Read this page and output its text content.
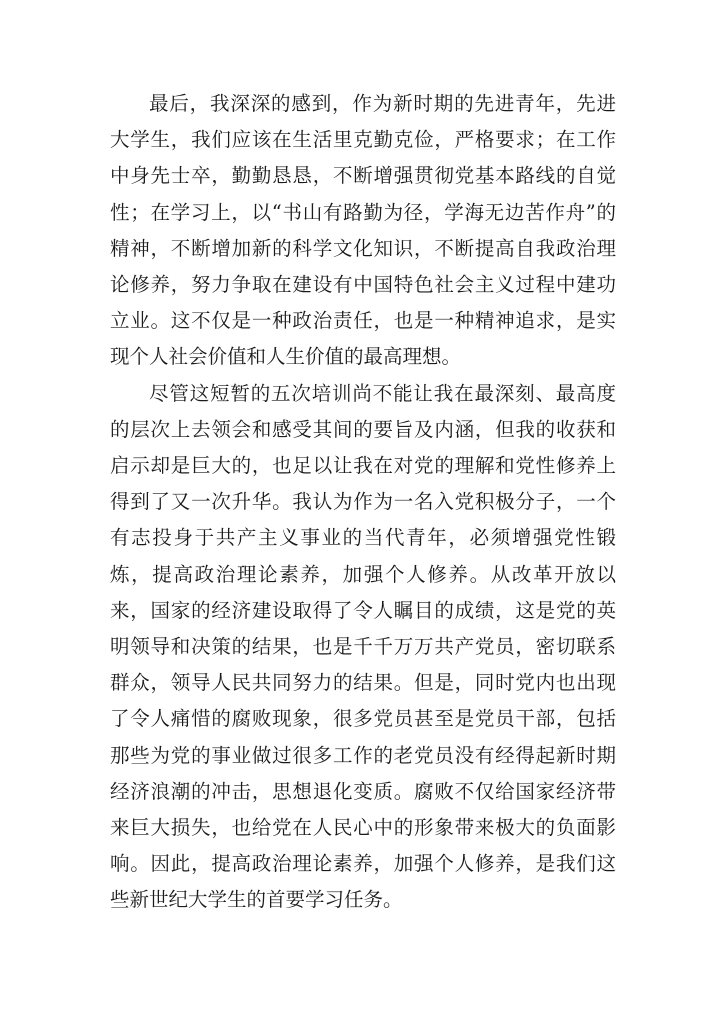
最后，我深深的感到，作为新时期的先进青年，先进大学生，我们应该在生活里克勤克俭，严格要求；在工作中身先士卒，勤勤恳恳，不断增强贯彻党基本路线的自觉性；在学习上，以“书山有路勤为径，学海无边苦作舟”的精神，不断增加新的科学文化知识，不断提高自我政治理论修养，努力争取在建设有中国特色社会主义过程中建功立业。这不仅是一种政治责任，也是一种精神追求，是实现个人社会价值和人生价值的最高理想。

尽管这短暂的五次培训尚不能让我在最深刻、最高度的层次上去领会和感受其间的要旨及内涵，但我的收获和启示却是巨大的，也足以让我在对党的理解和党性修养上得到了又一次升华。我认为作为一名入党积极分子，一个有志投身于共产主义事业的当代青年，必须增强党性锻炼，提高政治理论素养，加强个人修养。从改革开放以来，国家的经济建设取得了令人瞩目的成绩，这是党的英明领导和决策的结果，也是千千万万共产党员，密切联系群众，领导人民共同努力的结果。但是，同时党内也出现了令人痛惜的腐败现象，很多党员甚至是党员干部，包括那些为党的事业做过很多工作的老党员没有经得起新时期经济浪潮的冲击，思想退化变质。腐败不仅给国家经济带来巨大损失，也给党在人民心中的形象带来极大的负面影响。因此，提高政治理论素养，加强个人修养，是我们这些新世纪大学生的首要学习任务。
